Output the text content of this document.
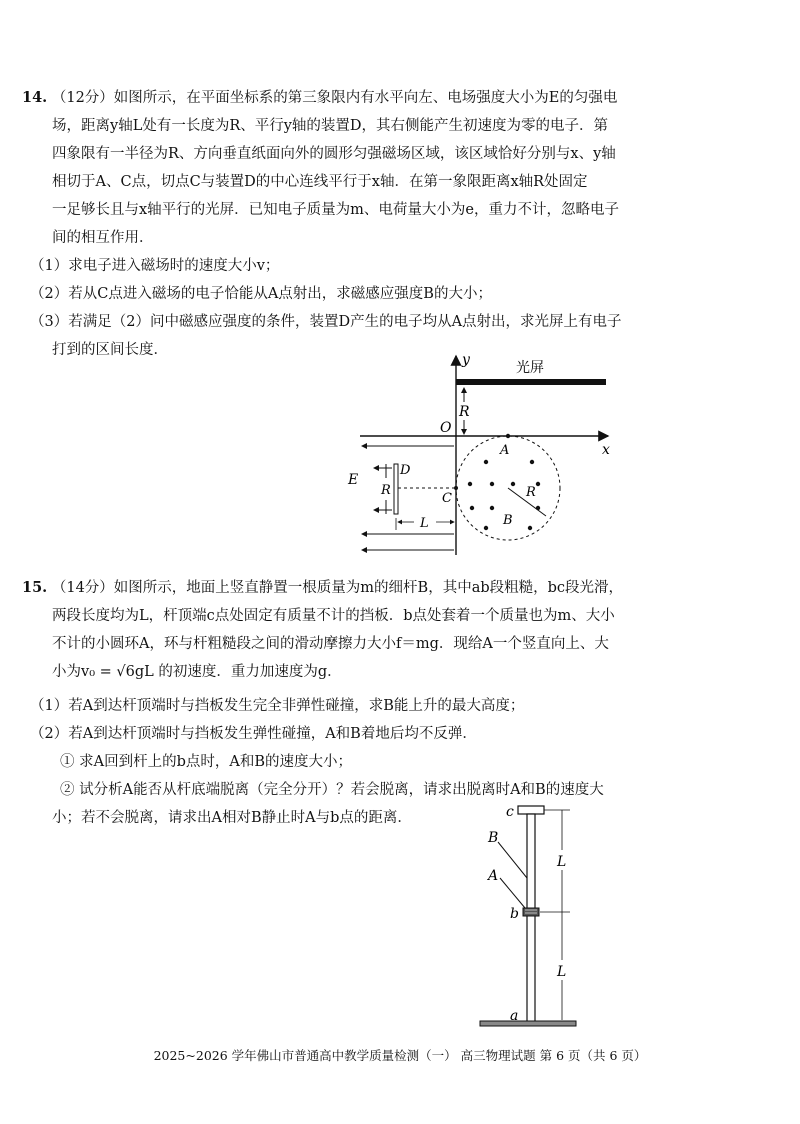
14. （12分）如图所示，在平面坐标系的第三象限内有水平向左、电场强度大小为E的匀强电
场，距离y轴L处有一长度为R、平行y轴的装置D，其右侧能产生初速度为零的电子．第
四象限有一半径为R、方向垂直纸面向外的圆形匀强磁场区域，该区域恰好分别与x、y轴
相切于A、C点，切点C与装置D的中心连线平行于x轴．在第一象限距离x轴R处固定
一足够长且与x轴平行的光屏．已知电子质量为m、电荷量大小为e，重力不计，忽略电子
间的相互作用．
（1）求电子进入磁场时的速度大小v；
（2）若从C点进入磁场的电子恰能从A点射出，求磁感应强度B的大小；
（3）若满足（2）问中磁感应强度的条件，装置D产生的电子均从A点射出，求光屏上有电子
打到的区间长度．
y
x
O
光屏
R
A
R
B
C
D
R
E
L
15. （14分）如图所示，地面上竖直静置一根质量为m的细杆B，其中ab段粗糙，bc段光滑，
两段长度均为L，杆顶端c点处固定有质量不计的挡板．b点处套着一个质量也为m、大小
不计的小圆环A，环与杆粗糙段之间的滑动摩擦力大小f＝mg．现给A一个竖直向上、大
小为v₀ = √6gL 的初速度．重力加速度为g．
（1）若A到达杆顶端时与挡板发生完全非弹性碰撞，求B能上升的最大高度；
（2）若A到达杆顶端时与挡板发生弹性碰撞，A和B着地后均不反弹．
① 求A回到杆上的b点时，A和B的速度大小；
② 试分析A能否从杆底端脱离（完全分开）？若会脱离，请求出脱离时A和B的速度大
小；若不会脱离，请求出A相对B静止时A与b点的距离．	c
B
A
b
L
L
a
2025~2026 学年佛山市普通高中教学质量检测（一） 高三物理试题 第 6 页（共 6 页）
